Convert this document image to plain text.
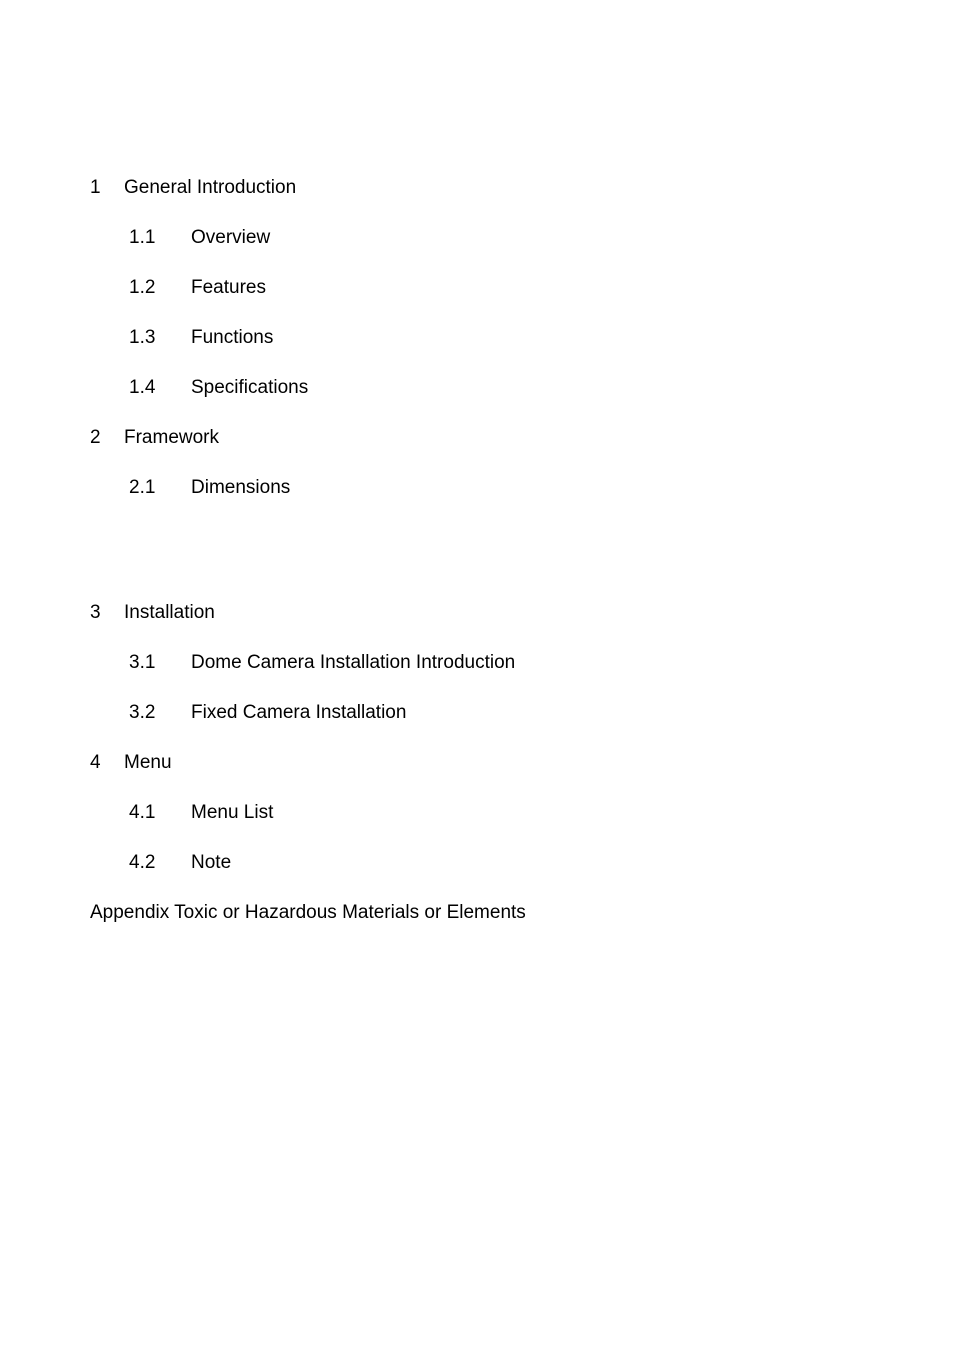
1 General Introduction
1.1 Overview
1.2 Features
1.3 Functions
1.4 Specifications
2 Framework
2.1 Dimensions
3 Installation
3.1 Dome Camera Installation Introduction
3.2 Fixed Camera Installation
4 Menu
4.1 Menu List
4.2 Note
Appendix Toxic or Hazardous Materials or Elements
